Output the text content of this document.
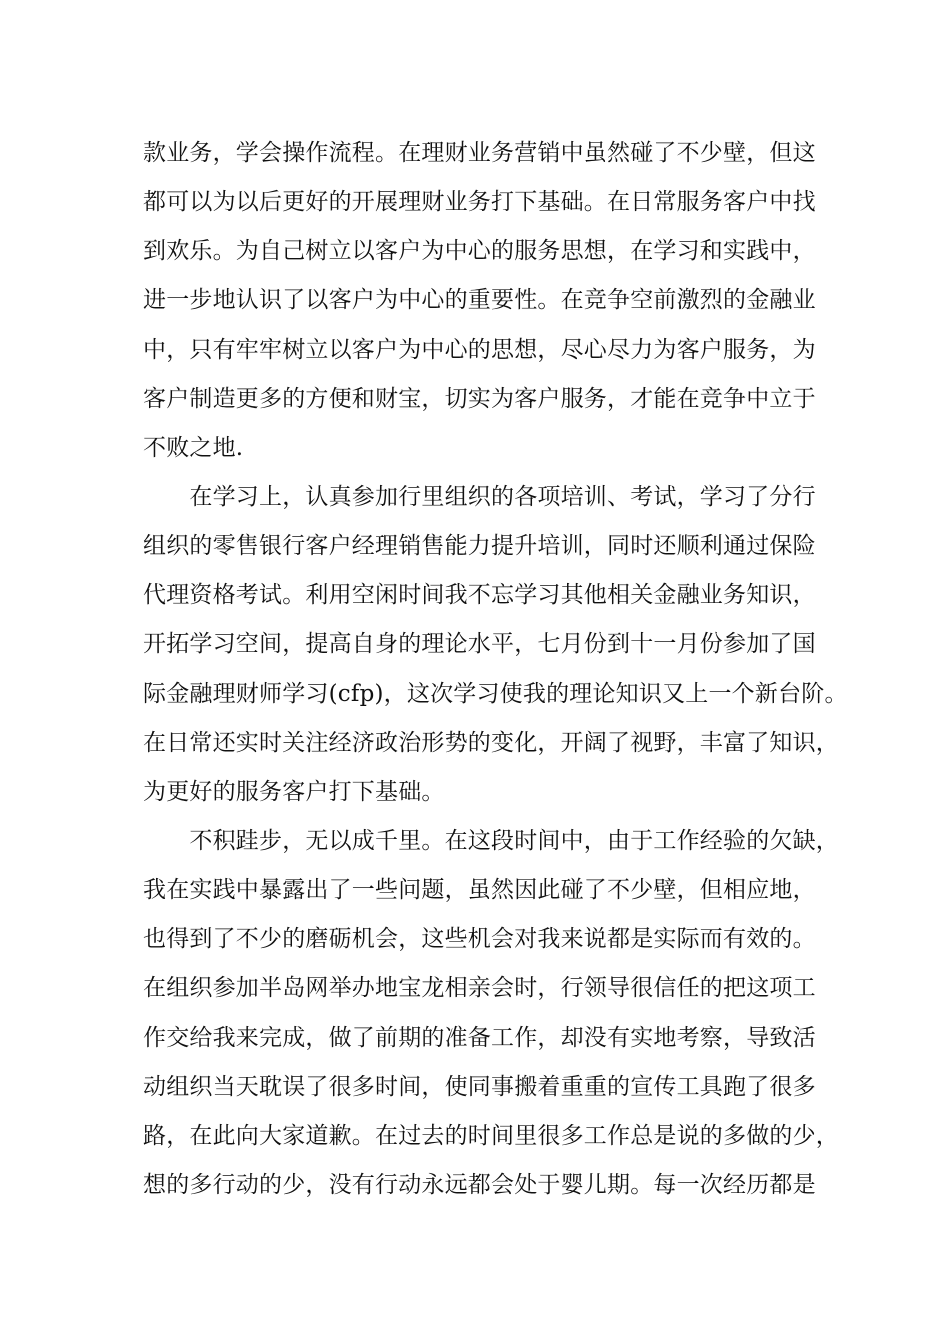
款业务，学会操作流程。在理财业务营销中虽然碰了不少壁，但这
都可以为以后更好的开展理财业务打下基础。在日常服务客户中找
到欢乐。为自己树立以客户为中心的服务思想，在学习和实践中，
进一步地认识了以客户为中心的重要性。在竞争空前激烈的金融业
中，只有牢牢树立以客户为中心的思想，尽心尽力为客户服务，为
客户制造更多的方便和财宝，切实为客户服务，才能在竞争中立于
不败之地.
　　在学习上，认真参加行里组织的各项培训、考试，学习了分行
组织的零售银行客户经理销售能力提升培训，同时还顺利通过保险
代理资格考试。利用空闲时间我不忘学习其他相关金融业务知识，
开拓学习空间，提高自身的理论水平，七月份到十一月份参加了国
际金融理财师学习(cfp)，这次学习使我的理论知识又上一个新台阶。
在日常还实时关注经济政治形势的变化，开阔了视野，丰富了知识，
为更好的服务客户打下基础。
　　不积跬步，无以成千里。在这段时间中，由于工作经验的欠缺，
我在实践中暴露出了一些问题，虽然因此碰了不少壁，但相应地，
也得到了不少的磨砺机会，这些机会对我来说都是实际而有效的。
在组织参加半岛网举办地宝龙相亲会时，行领导很信任的把这项工
作交给我来完成，做了前期的准备工作，却没有实地考察，导致活
动组织当天耽误了很多时间，使同事搬着重重的宣传工具跑了很多
路，在此向大家道歉。在过去的时间里很多工作总是说的多做的少，
想的多行动的少，没有行动永远都会处于婴儿期。每一次经历都是
